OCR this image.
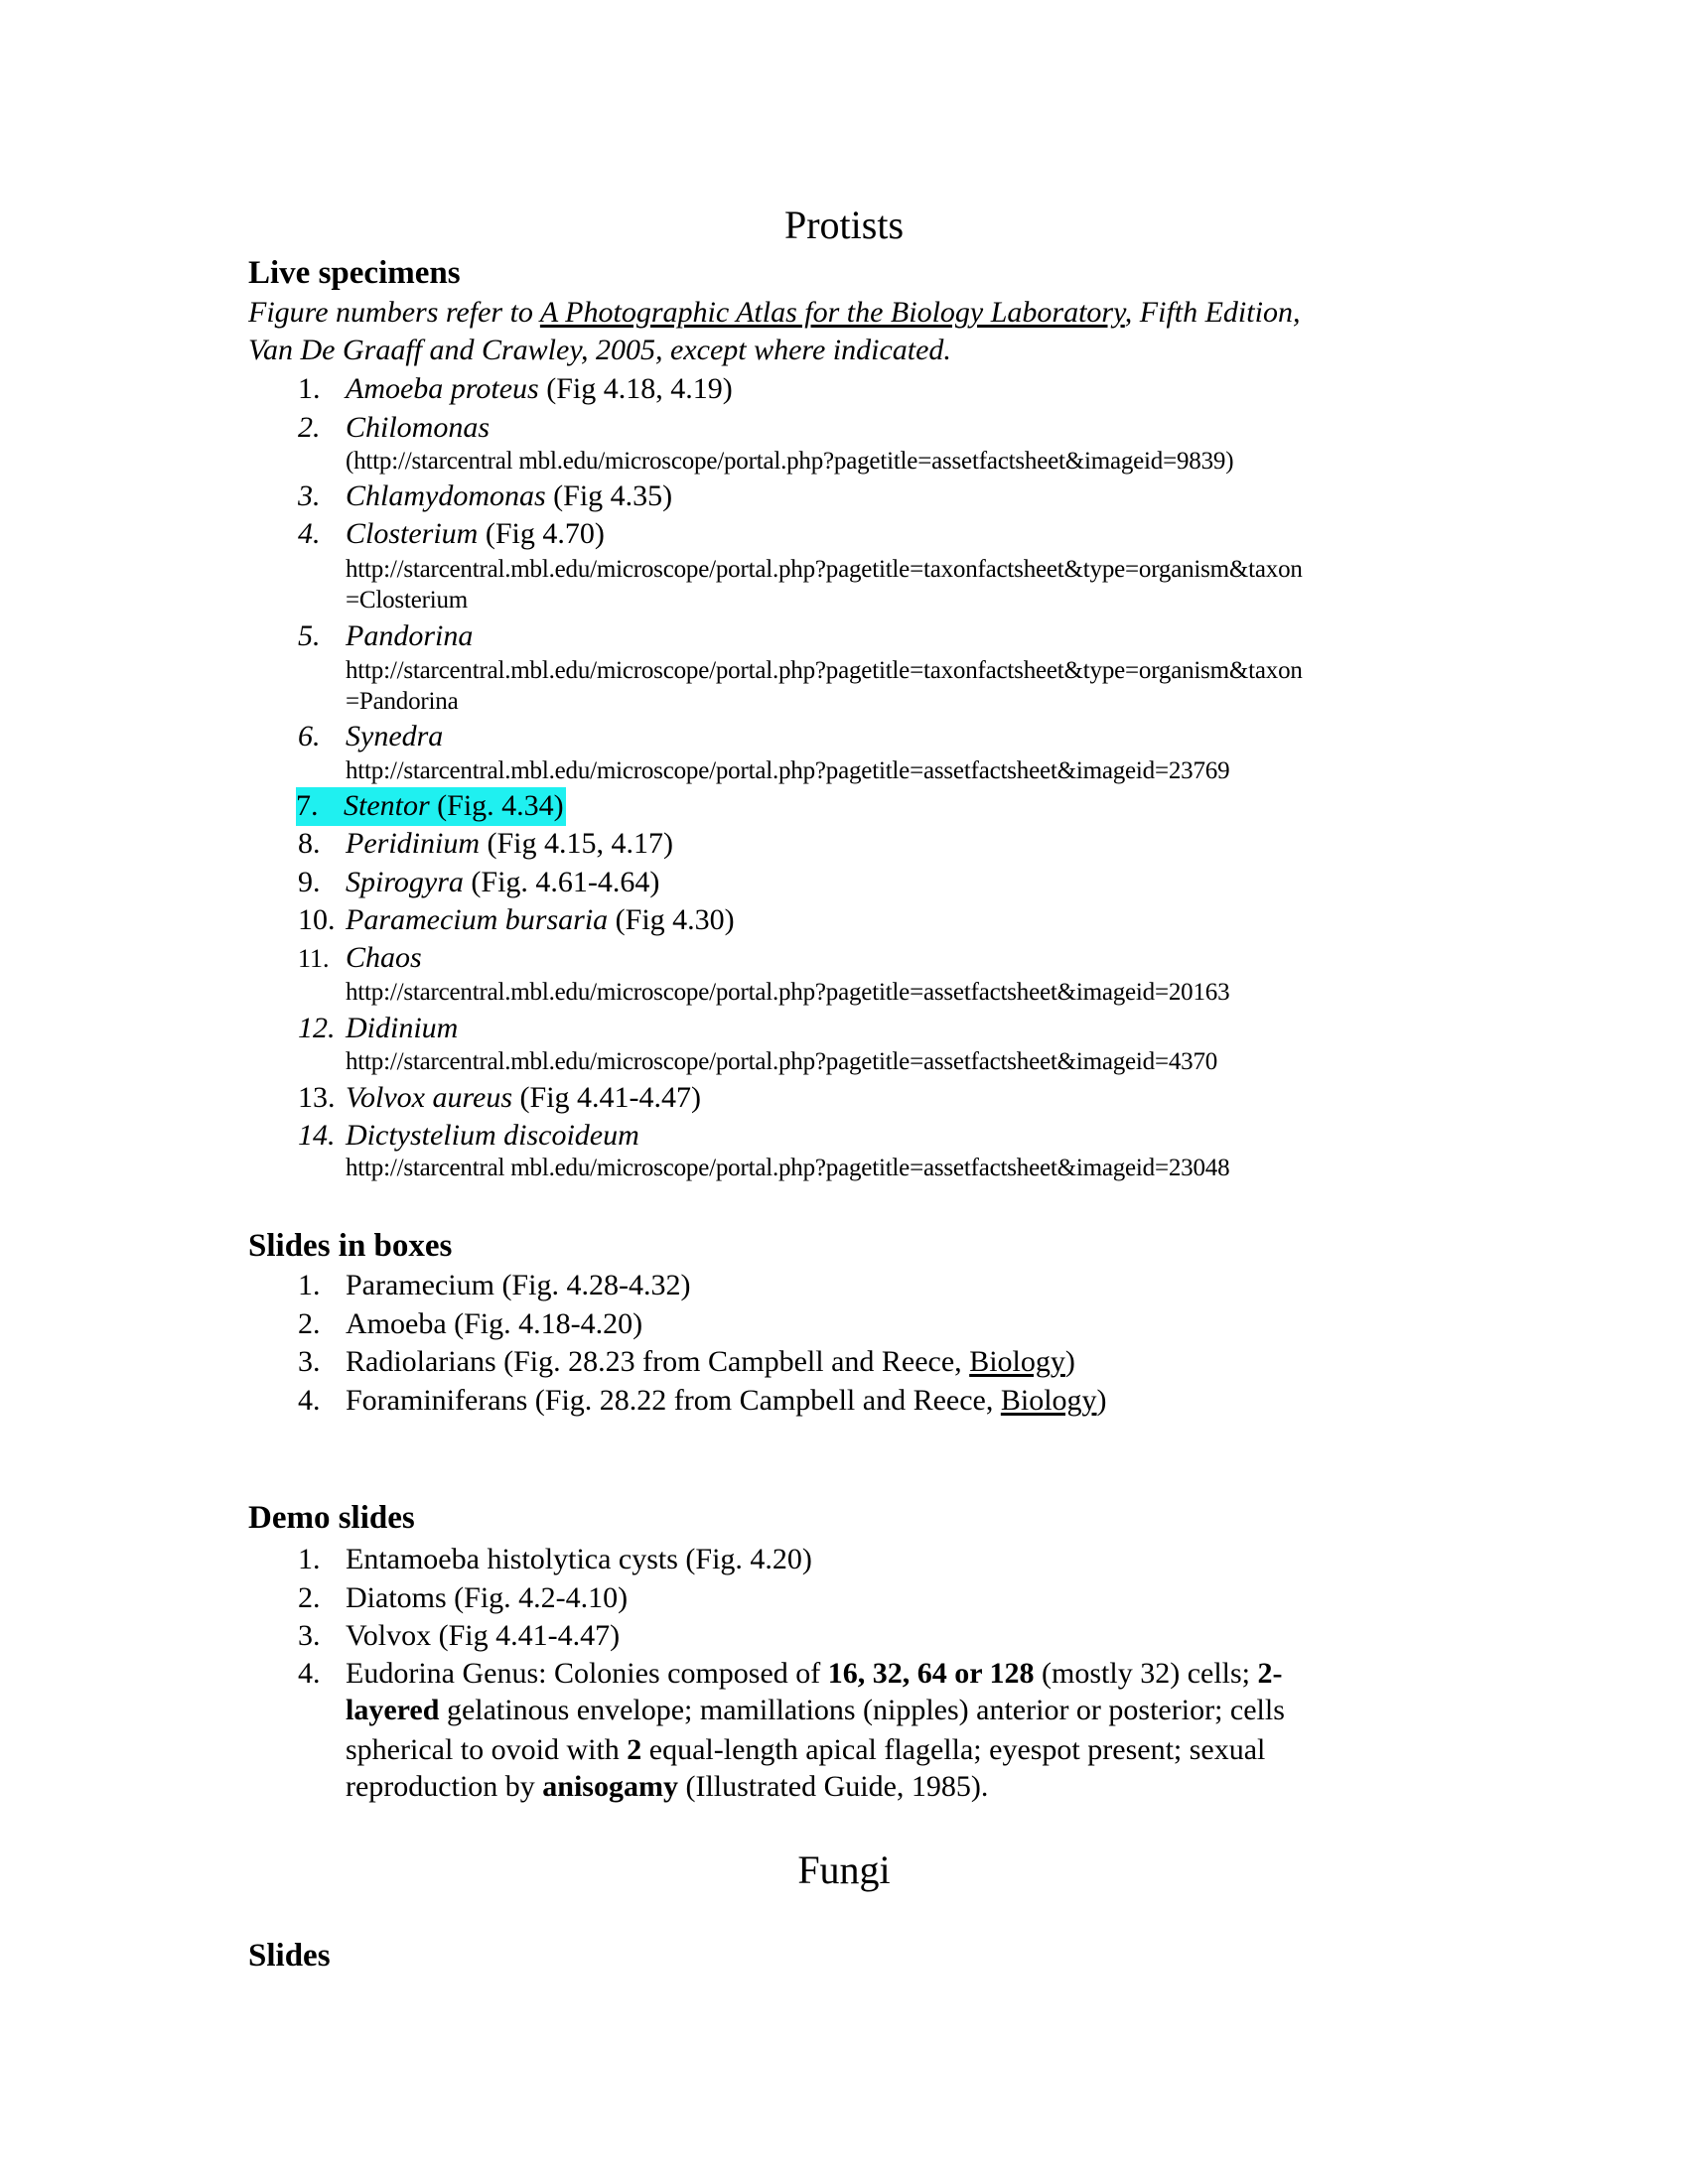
Protists
Live specimens
Figure numbers refer to A Photographic Atlas for the Biology Laboratory, Fifth Edition,
Van De Graaff and Crawley, 2005, except where indicated.
1. Amoeba proteus (Fig 4.18, 4.19)
2. Chilomonas
(http://starcentral mbl.edu/microscope/portal.php?pagetitle=assetfactsheet&imageid=9839)
3. Chlamydomonas (Fig 4.35)
4. Closterium (Fig 4.70)
http://starcentral.mbl.edu/microscope/portal.php?pagetitle=taxonfactsheet&type=organism&taxon
=Closterium
5. Pandorina
http://starcentral.mbl.edu/microscope/portal.php?pagetitle=taxonfactsheet&type=organism&taxon
=Pandorina
6. Synedra
http://starcentral.mbl.edu/microscope/portal.php?pagetitle=assetfactsheet&imageid=23769
7. Stentor (Fig. 4.34)
8. Peridinium (Fig 4.15, 4.17)
9. Spirogyra (Fig. 4.61-4.64)
10. Paramecium bursaria (Fig 4.30)
11. Chaos
http://starcentral.mbl.edu/microscope/portal.php?pagetitle=assetfactsheet&imageid=20163
12. Didinium
http://starcentral.mbl.edu/microscope/portal.php?pagetitle=assetfactsheet&imageid=4370
13. Volvox aureus (Fig 4.41-4.47)
14. Dictystelium discoideum
http://starcentral mbl.edu/microscope/portal.php?pagetitle=assetfactsheet&imageid=23048
Slides in boxes
1. Paramecium (Fig. 4.28-4.32)
2. Amoeba (Fig. 4.18-4.20)
3. Radiolarians (Fig. 28.23 from Campbell and Reece, Biology)
4. Foraminiferans (Fig. 28.22 from Campbell and Reece, Biology)
Demo slides
1. Entamoeba histolytica cysts (Fig. 4.20)
2. Diatoms (Fig. 4.2-4.10)
3. Volvox (Fig 4.41-4.47)
4. Eudorina Genus: Colonies composed of 16, 32, 64 or 128 (mostly 32) cells; 2-
layered gelatinous envelope; mamillations (nipples) anterior or posterior; cells
spherical to ovoid with 2 equal-length apical flagella; eyespot present; sexual
reproduction by anisogamy (Illustrated Guide, 1985).
Fungi
Slides
